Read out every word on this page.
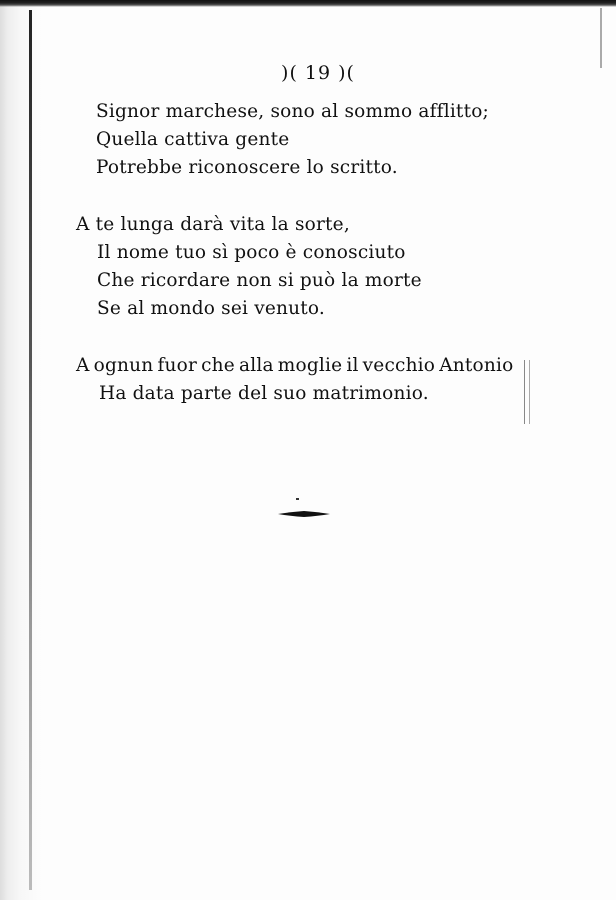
)( 19 )(
Signor marchese, sono al sommo afflitto;
Quella cattiva gente
Potrebbe riconoscere lo scritto.
A te lunga darà vita la sorte,
Il nome tuo sì poco è conosciuto
Che ricordare non si può la morte
Se al mondo sei venuto.
A ognun fuor che alla moglie il vecchio Antonio
Ha data parte del suo matrimonio.
